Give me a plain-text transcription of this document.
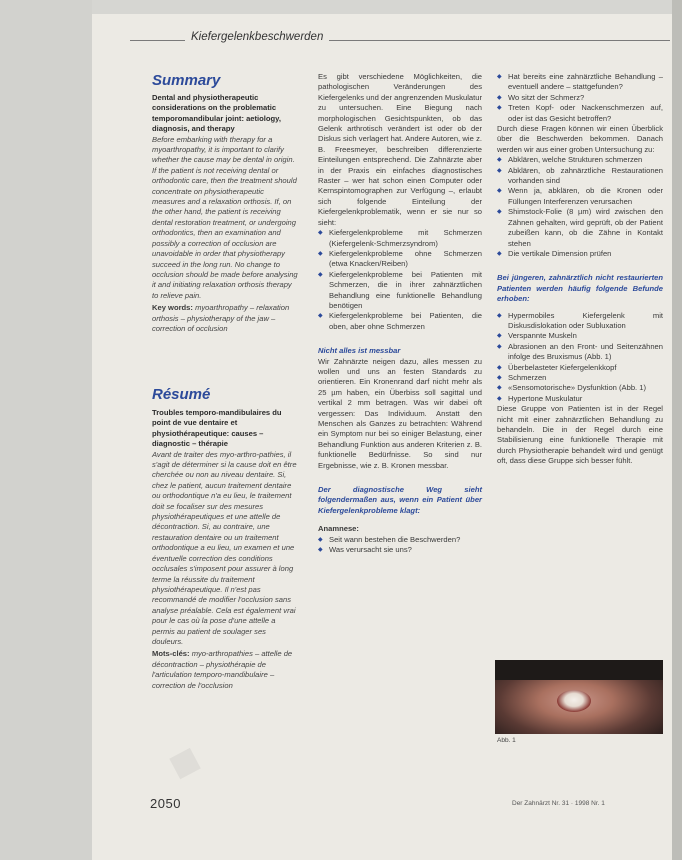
Kiefergelenkbeschwerden
Summary

Dental and physiotherapeutic considerations on the problematic temporomandibular joint: aetiology, diagnosis, and therapy

Before embarking with therapy for a myoarthropathy, it is important to clarify whether the cause may be dental in origin. If the patient is not receiving dental or orthodontic care, then the treatment should concentrate on physiotherapeutic measures and a relaxation orthosis. If, on the other hand, the patient is receiving dental restoration treatment, or undergoing orthodontics, then an examination and possibly a correction of occlusion are unavoidable in order that physiotherapy succeed in the long run. No change to occlusion should be made before analysing it and initiating relaxation orthosis therapy to relieve pain.

Key words: myoarthropathy – relaxation orthosis – physiotherapy of the jaw – correction of occlusion

Résumé

Troubles temporo-mandibulaires du point de vue dentaire et physiothérapeutique: causes – diagnostic – thérapie

Avant de traiter des myo-arthro-pathies, il s'agit de déterminer si la cause doit en être cherchée ou non au niveau dentaire. Si, chez le patient, aucun traitement dentaire ou orthodontique n'a eu lieu, le traitement doit se focaliser sur des mesures physiothérapeutiques et une attelle de décontraction. Si, au contraire, une restauration dentaire ou un traitement orthodontique a eu lieu, un examen et une éventuelle correction des conditions occlusales s'imposent pour assurer à long terme la réussite du traitement physiothérapeutique. Il n'est pas recommandé de modifier l'occlusion sans analyse préalable. Cela est également vrai pour le cas où la pose d'une attelle a permis au patient de soulager ses douleurs.

Mots-clés: myo-arthropathies – attelle de décontraction – physiothérapie de l'articulation temporo-mandibulaire – correction de l'occlusion

Es gibt verschiedene Möglichkeiten, die pathologischen Veränderungen des Kiefergelenks und der angrenzenden Muskulatur zu untersuchen. Eine Biegung nach morphologischen Gesichtspunkten, ob das Gelenk arthrotisch verändert ist oder ob der Diskus sich verlagert hat. Andere Autoren, wie z. B. Freesmeyer, beschreiben differenzierte Einteilungen entsprechend. Die Zahnärzte aber in der Praxis ein einfaches diagnostisches Raster – wer hat schon einen Computer oder Kernspintomographen zur Verfügung –, erlaubt sich folgende Einteilung der Kiefergelenkproblematik, wenn er sie nur so sieht:

◆ Kiefergelenkprobleme mit Schmerzen (Kiefergelenk-Schmerzsyndrom)
◆ Kiefergelenkprobleme ohne Schmerzen (etwa Knacken/Reiben)
◆ Kiefergelenkprobleme bei Patienten mit Schmerzen, die in ihrer zahnärztlichen Behandlung eine funktionelle Behandlung benötigen
◆ Kiefergelenkprobleme bei Patienten, die oben, aber ohne Schmerzen

Nicht alles ist messbar

Wir Zahnärzte neigen dazu, alles messen zu wollen und uns an festen Standards zu orientieren. Ein Kronenrand darf nicht mehr als 25 µm haben, ein Überbiss soll sagittal und vertikal 2 mm betragen. Was wir dabei oft vergessen: Das Individuum. Anstatt den Menschen als Ganzes zu betrachten: Während ein Symptom nur bei so einiger Belastung, einer Behandlung Funktion aus anderen Kriterien z. B. funktionelle Bedürfnisse. So sind nur Ergebnisse, wie z. B. Kronen messbar.

Der diagnostische Weg sieht folgendermaßen aus, wenn ein Patient über Kiefergelenkprobleme klagt:

Anamnese:

◆ Seit wann bestehen die Beschwerden?
◆ Was verursacht sie uns?
◆ Hat bereits eine zahnärztliche Behandlung – eventuell andere – stattgefunden?
◆ Wo sitzt der Schmerz?
◆ Treten Kopf- oder Nackenschmerzen auf, oder ist das Gesicht betroffen?

Durch diese Fragen können wir einen Überblick über die Beschwerden bekommen. Danach werden wir aus einer groben Untersuchung zu:

◆ Abklären, welche Strukturen schmerzen
◆ Abklären, ob zahnärztliche Restaurationen vorhanden sind
◆ Wenn ja, abklären, ob die Kronen oder Füllungen Interferenzen verursachen
◆ Shimstock-Folie (8 µm) wird zwischen den Zähnen gehalten, wird geprüft, ob der Patient zubeißen kann, ob die Zähne in Kontakt stehen
◆ Die vertikale Dimension prüfen

Bei jüngeren, zahnärztlich nicht restaurierten Patienten werden häufig folgende Befunde erhoben:

◆ Hypermobiles Kiefergelenk mit Diskusdislokation oder Subluxation
◆ Verspannte Muskeln
◆ Abrasionen an den Front- und Seitenzähnen infolge des Bruxismus (Abb. 1)
◆ Überbelasteter Kiefergelenkkopf
◆ Schmerzen
◆ «Sensomotorische» Dysfunktion (Abb. 1)
◆ Hypertone Muskulatur

Diese Gruppe von Patienten ist in der Regel nicht mit einer zahnärztlichen Behandlung zu behandeln. Die in der Regel durch eine Stabilisierung eine funktionelle Therapie mit durch Physiotherapie behandelt wird und genügt oft, dass diese Gruppe sich besser fühlt.

Abb. 1
■
2050	Der Zahnärzt Nr. 31 · 1998 Nr. 1
